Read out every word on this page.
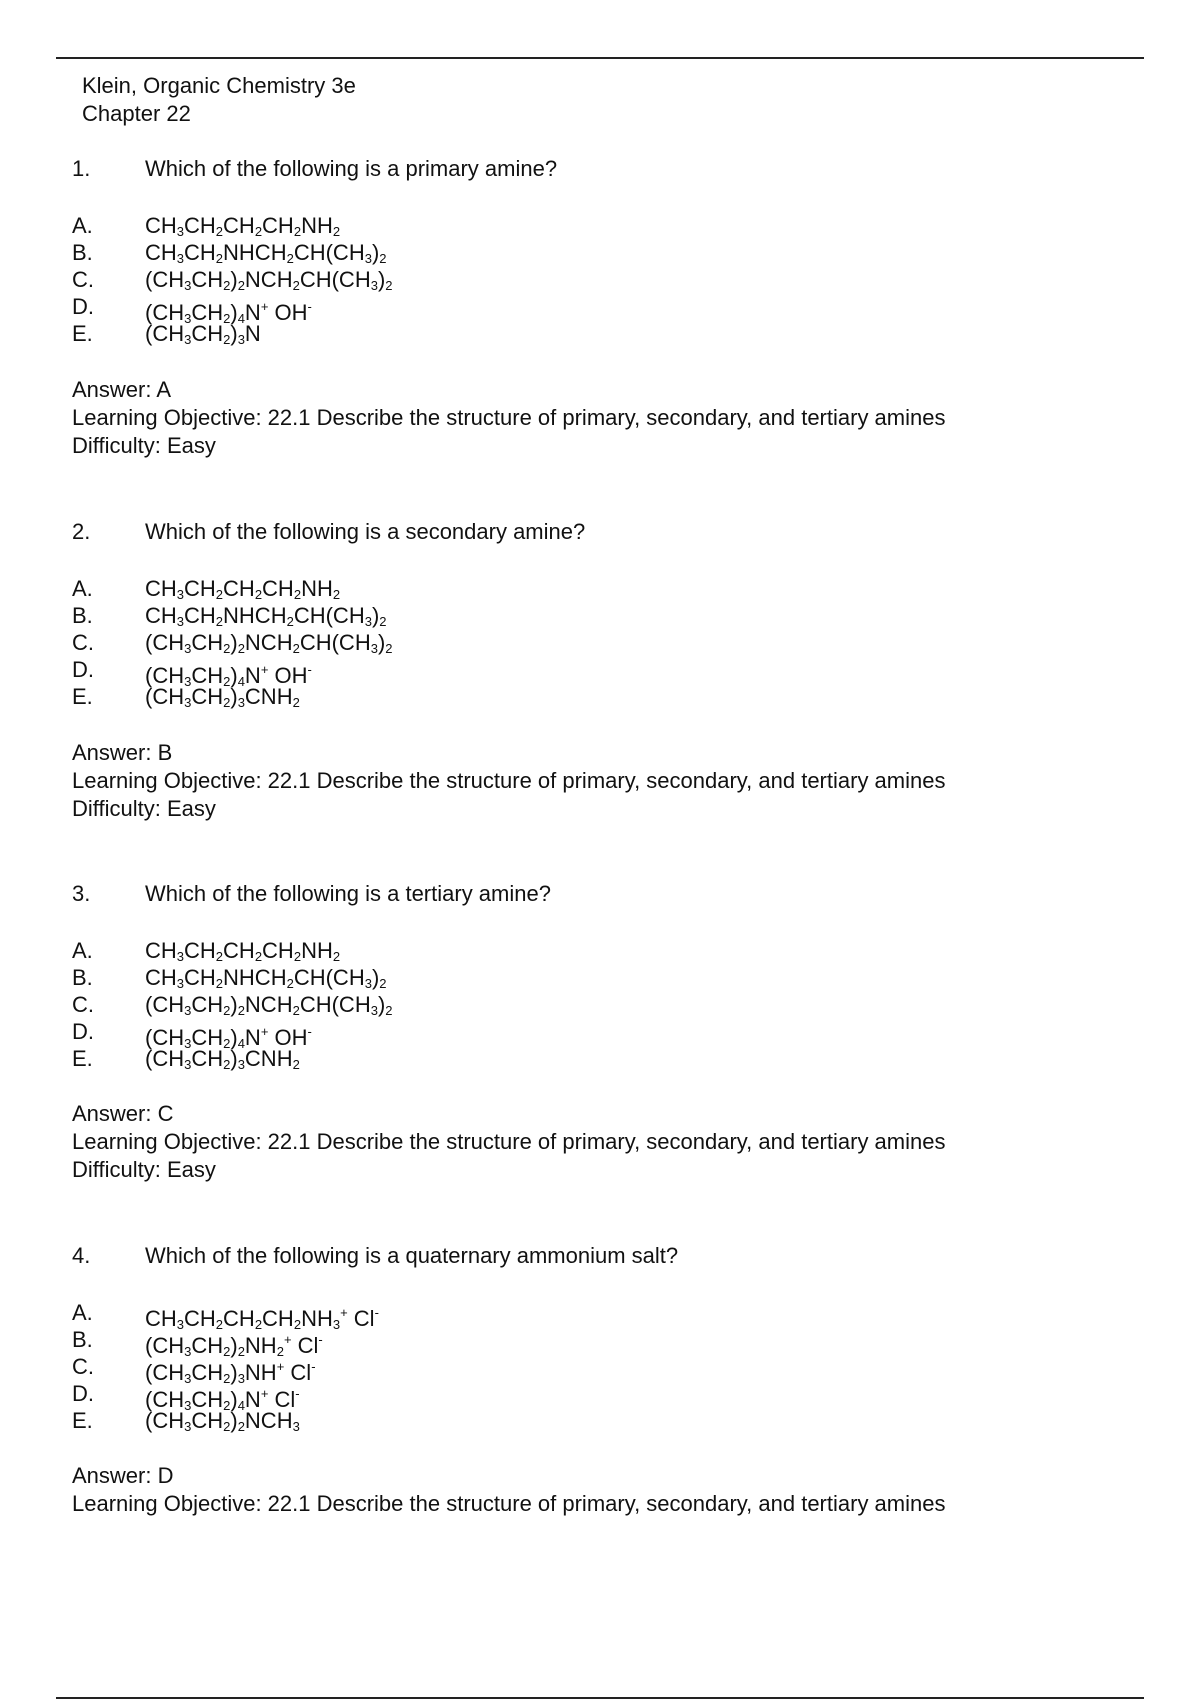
Klein, Organic Chemistry 3e
Chapter 22
1. Which of the following is a primary amine?
A. $CH_3CH_2CH_2CH_2NH_2$
B. $CH_3CH_2NHCH_2CH(CH_3)_2$
C. $(CH_3CH_2)_2NCH_2CH(CH_3)_2$
D. $(CH_3CH_2)_4N^+$ OH-
E. $(CH_3CH_2)_3N$
Answer: A
Learning Objective: 22.1 Describe the structure of primary, secondary, and tertiary amines
Difficulty: Easy
2. Which of the following is a secondary amine?
A. $CH_3CH_2CH_2CH_2NH_2$
B. $CH_3CH_2NHCH_2CH(CH_3)_2$
C. $(CH_3CH_2)_2NCH_2CH(CH_3)_2$
D. $(CH_3CH_2)_4N^+$ OH-
E. $(CH_3CH_2)_3CNH_2$
Answer: B
Learning Objective: 22.1 Describe the structure of primary, secondary, and tertiary amines
Difficulty: Easy
3. Which of the following is a tertiary amine?
A. $CH_3CH_2CH_2CH_2NH_2$
B. $CH_3CH_2NHCH_2CH(CH_3)_2$
C. $(CH_3CH_2)_2NCH_2CH(CH_3)_2$
D. $(CH_3CH_2)_4N^+$ OH-
E. $(CH_3CH_2)_3CNH_2$
Answer: C
Learning Objective: 22.1 Describe the structure of primary, secondary, and tertiary amines
Difficulty: Easy
4. Which of the following is a quaternary ammonium salt?
A. $CH_3CH_2CH_2CH_2NH_3^+$ Cl-
B. $(CH_3CH_2)_2NH_2^+$ Cl-
C. $(CH_3CH_2)_3NH^+$ Cl-
D. $(CH_3CH_2)_4N^+$ Cl-
E. $(CH_3CH_2)_2NCH_3$
Answer: D
Learning Objective: 22.1 Describe the structure of primary, secondary, and tertiary amines
